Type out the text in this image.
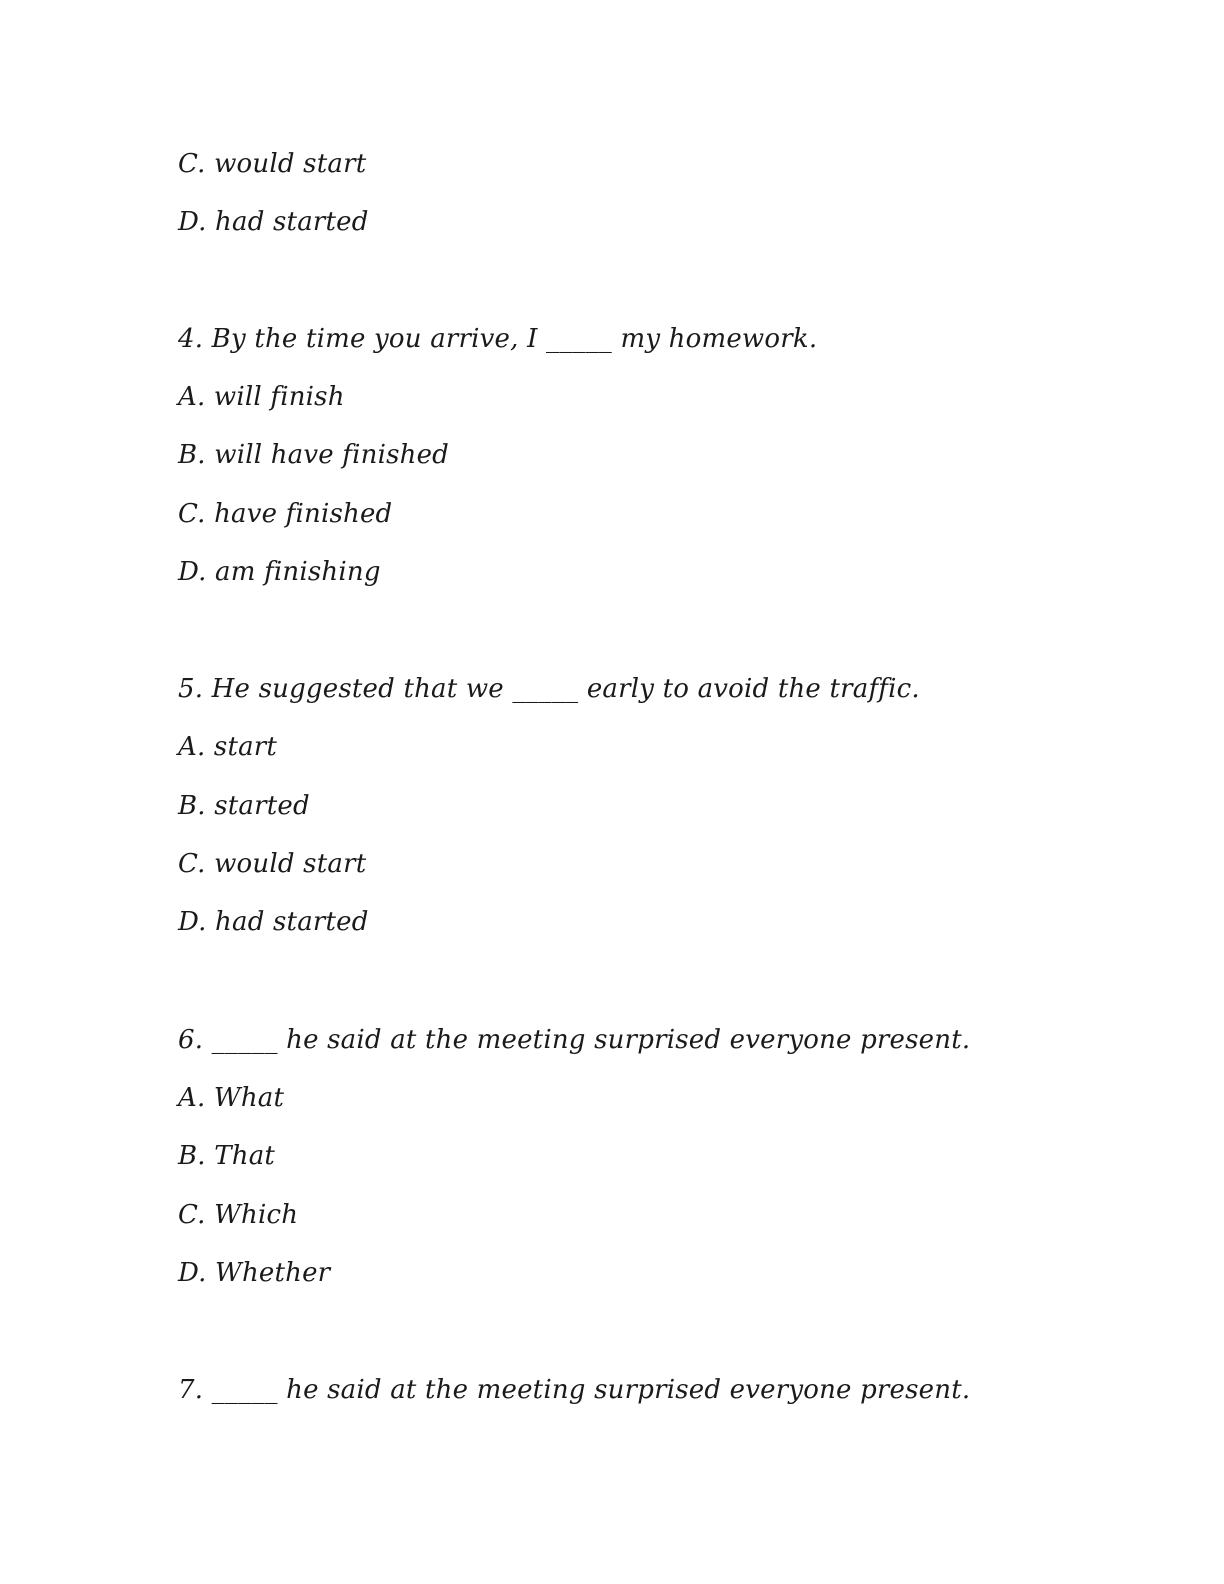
C. would start
D. had started
4. By the time you arrive, I _____ my homework.
A. will finish
B. will have finished
C. have finished
D. am finishing
5. He suggested that we _____ early to avoid the traffic.
A. start
B. started
C. would start
D. had started
6. _____ he said at the meeting surprised everyone present.
A. What
B. That
C. Which
D. Whether
7. _____ he said at the meeting surprised everyone present.
